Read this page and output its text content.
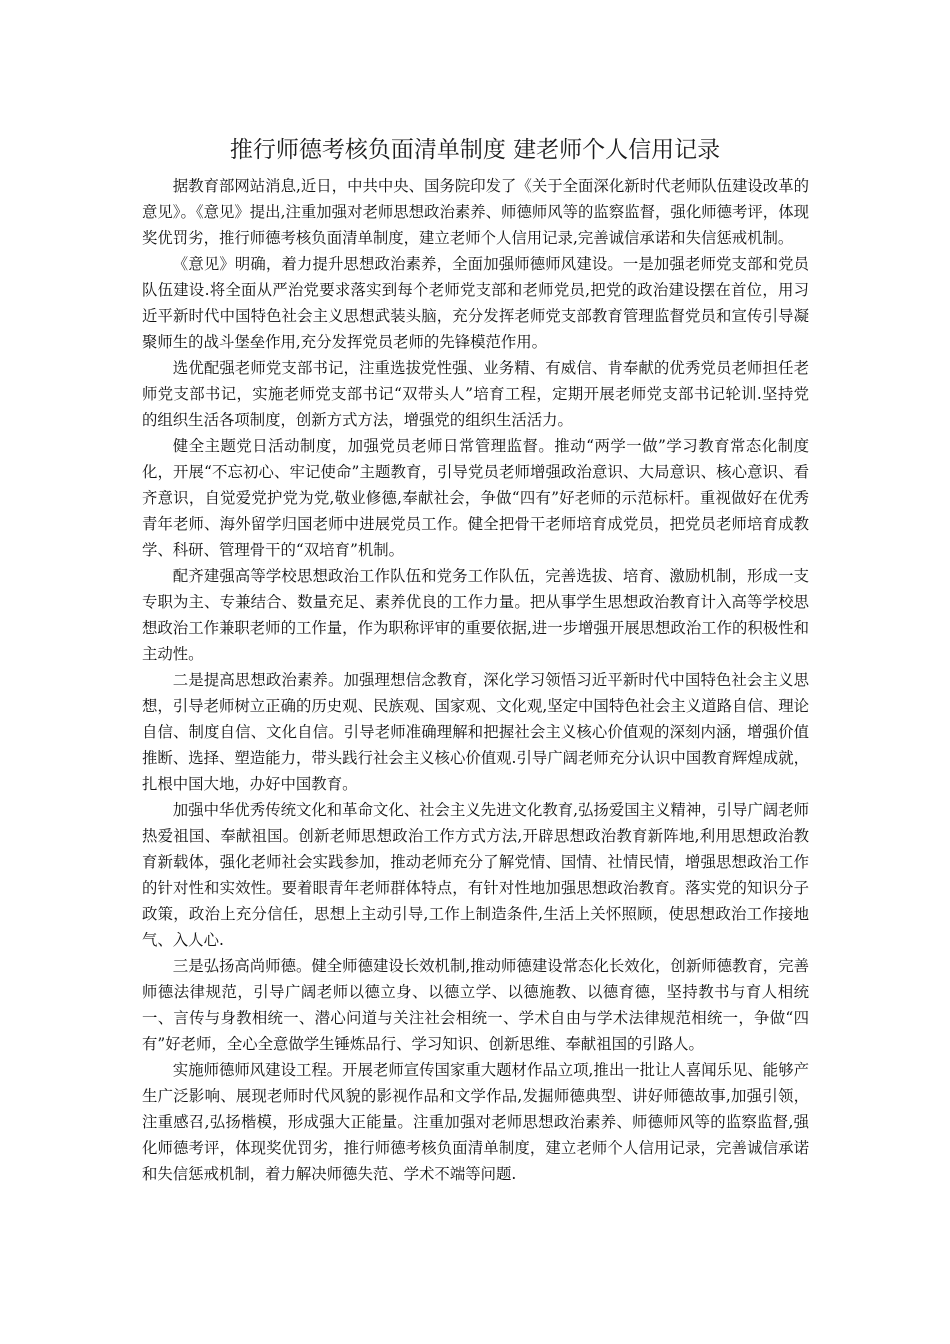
推行师德考核负面清单制度 建老师个人信用记录

据教育部网站消息,近日，中共中央、国务院印发了《关于全面深化新时代老师队伍建设改革的意见》。《意见》提出,注重加强对老师思想政治素养、师德师风等的监察监督，强化师德考评，体现奖优罚劣，推行师德考核负面清单制度，建立老师个人信用记录,完善诚信承诺和失信惩戒机制。

《意见》明确，着力提升思想政治素养，全面加强师德师风建设。一是加强老师党支部和党员队伍建设.将全面从严治党要求落实到每个老师党支部和老师党员,把党的政治建设摆在首位，用习近平新时代中国特色社会主义思想武装头脑，充分发挥老师党支部教育管理监督党员和宣传引导凝聚师生的战斗堡垒作用,充分发挥党员老师的先锋模范作用。

选优配强老师党支部书记，注重选拔党性强、业务精、有威信、肯奉献的优秀党员老师担任老师党支部书记，实施老师党支部书记“双带头人”培育工程，定期开展老师党支部书记轮训.坚持党的组织生活各项制度，创新方式方法，增强党的组织生活活力。

健全主题党日活动制度，加强党员老师日常管理监督。推动“两学一做”学习教育常态化制度化，开展“不忘初心、牢记使命”主题教育，引导党员老师增强政治意识、大局意识、核心意识、看齐意识，自觉爱党护党为党,敬业修德,奉献社会，争做“四有”好老师的示范标杆。重视做好在优秀青年老师、海外留学归国老师中进展党员工作。健全把骨干老师培育成党员，把党员老师培育成教学、科研、管理骨干的“双培育”机制。

配齐建强高等学校思想政治工作队伍和党务工作队伍，完善选拔、培育、激励机制，形成一支专职为主、专兼结合、数量充足、素养优良的工作力量。把从事学生思想政治教育计入高等学校思想政治工作兼职老师的工作量，作为职称评审的重要依据,进一步增强开展思想政治工作的积极性和主动性。

二是提高思想政治素养。加强理想信念教育，深化学习领悟习近平新时代中国特色社会主义思想，引导老师树立正确的历史观、民族观、国家观、文化观,坚定中国特色社会主义道路自信、理论自信、制度自信、文化自信。引导老师准确理解和把握社会主义核心价值观的深刻内涵，增强价值推断、选择、塑造能力，带头践行社会主义核心价值观.引导广阔老师充分认识中国教育辉煌成就，扎根中国大地，办好中国教育。

加强中华优秀传统文化和革命文化、社会主义先进文化教育,弘扬爱国主义精神，引导广阔老师热爱祖国、奉献祖国。创新老师思想政治工作方式方法,开辟思想政治教育新阵地,利用思想政治教育新载体，强化老师社会实践参加，推动老师充分了解党情、国情、社情民情，增强思想政治工作的针对性和实效性。要着眼青年老师群体特点，有针对性地加强思想政治教育。落实党的知识分子政策，政治上充分信任，思想上主动引导,工作上制造条件,生活上关怀照顾，使思想政治工作接地气、入人心.

三是弘扬高尚师德。健全师德建设长效机制,推动师德建设常态化长效化，创新师德教育，完善师德法律规范，引导广阔老师以德立身、以德立学、以德施教、以德育德，坚持教书与育人相统一、言传与身教相统一、潜心问道与关注社会相统一、学术自由与学术法律规范相统一，争做“四有”好老师，全心全意做学生锤炼品行、学习知识、创新思维、奉献祖国的引路人。

实施师德师风建设工程。开展老师宣传国家重大题材作品立项,推出一批让人喜闻乐见、能够产生广泛影响、展现老师时代风貌的影视作品和文学作品,发掘师德典型、讲好师德故事,加强引领，注重感召,弘扬楷模，形成强大正能量。注重加强对老师思想政治素养、师德师风等的监察监督,强化师德考评，体现奖优罚劣，推行师德考核负面清单制度，建立老师个人信用记录，完善诚信承诺和失信惩戒机制，着力解决师德失范、学术不端等问题.
